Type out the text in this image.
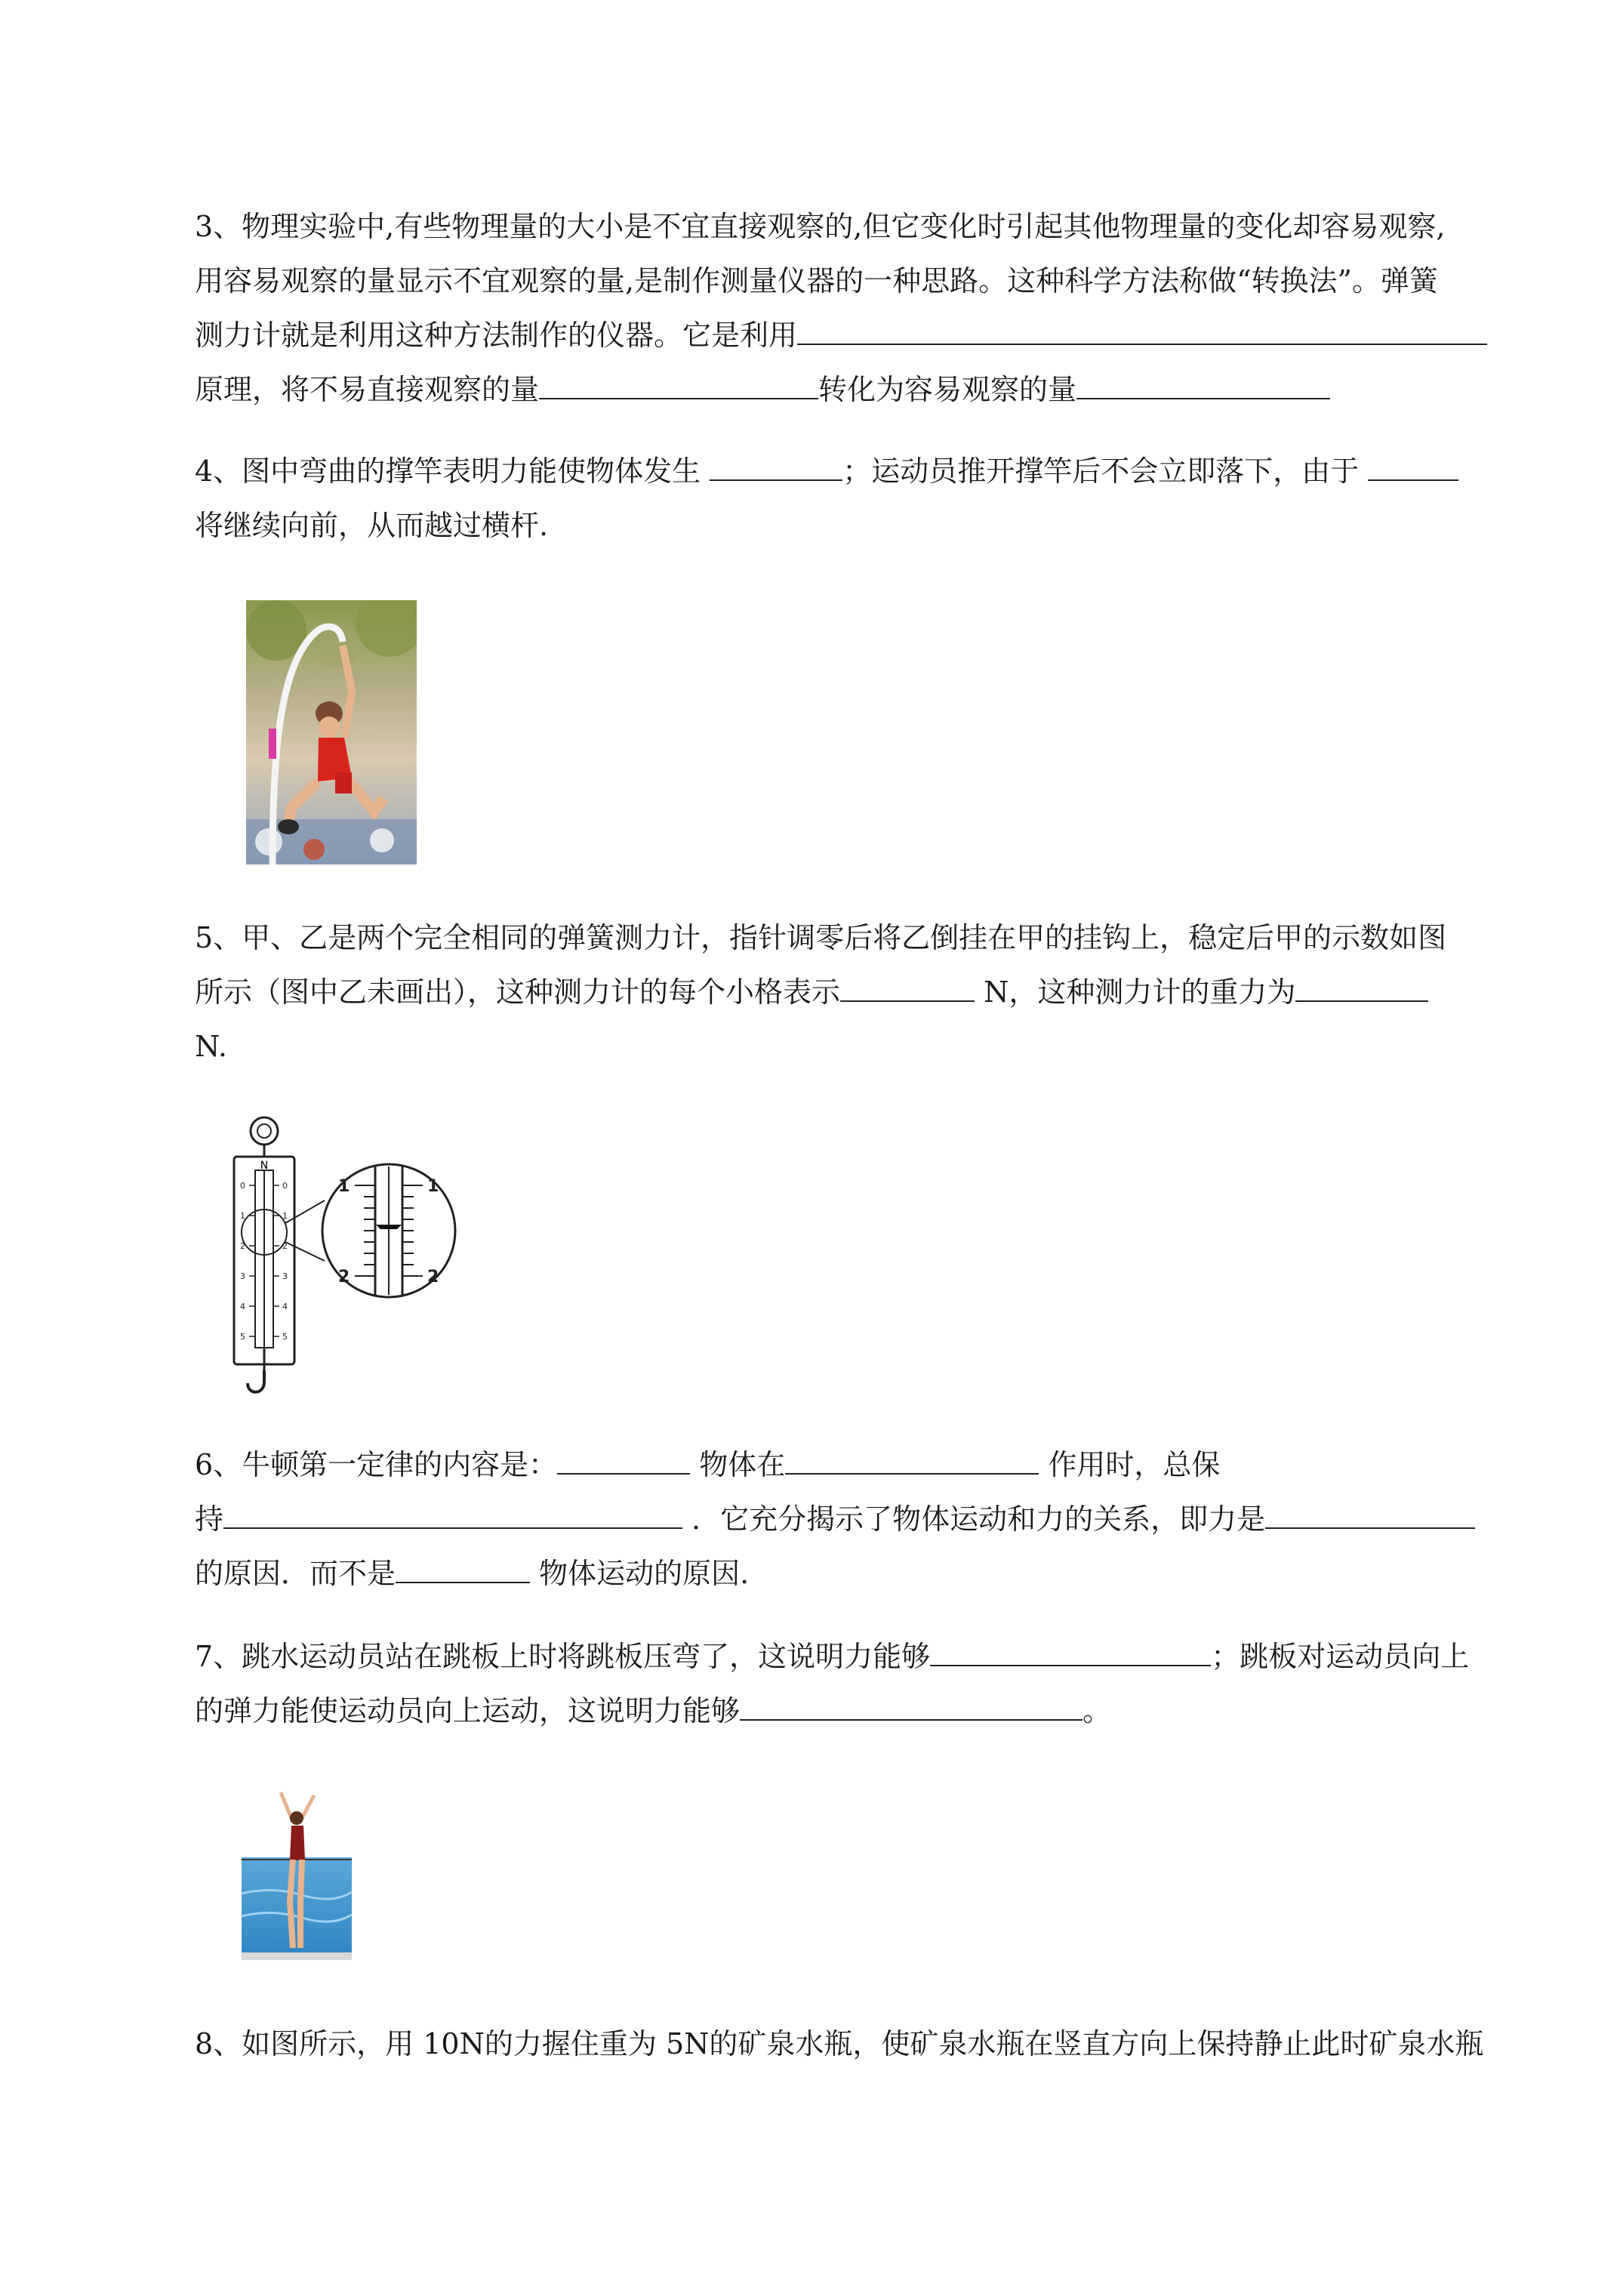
3、物理实验中,有些物理量的大小是不宜直接观察的,但它变化时引起其他物理量的变化却容易观察,
用容易观察的量显示不宜观察的量,是制作测量仪器的一种思路。这种科学方法称做“转换法”。弹簧
测力计就是利用这种方法制作的仪器。它是利用
原理，将不易直接观察的量	转化为容易观察的量
4、图中弯曲的撑竿表明力能使物体发生	；运动员推开撑竿后不会立即落下，由于
将继续向前，从而越过横杆.
5、甲、乙是两个完全相同的弹簧测力计，指针调零后将乙倒挂在甲的挂钩上，稳定后甲的示数如图
所示（图中乙未画出），这种测力计的每个小格表示	N，这种测力计的重力为
N.
N
0
1
2
3
4
5
0
1
2
3
4
5
1
2
1
2
6、牛顿第一定律的内容是：	物体在	作用时，总保
持	．它充分揭示了物体运动和力的关系，即力是
的原因．而不是	物体运动的原因.
7、跳水运动员站在跳板上时将跳板压弯了，这说明力能够	；跳板对运动员向上
的弹力能使运动员向上运动，这说明力能够	。
8、如图所示，用 10N的力握住重为 5N的矿泉水瓶，使矿泉水瓶在竖直方向上保持静止此时矿泉水瓶
